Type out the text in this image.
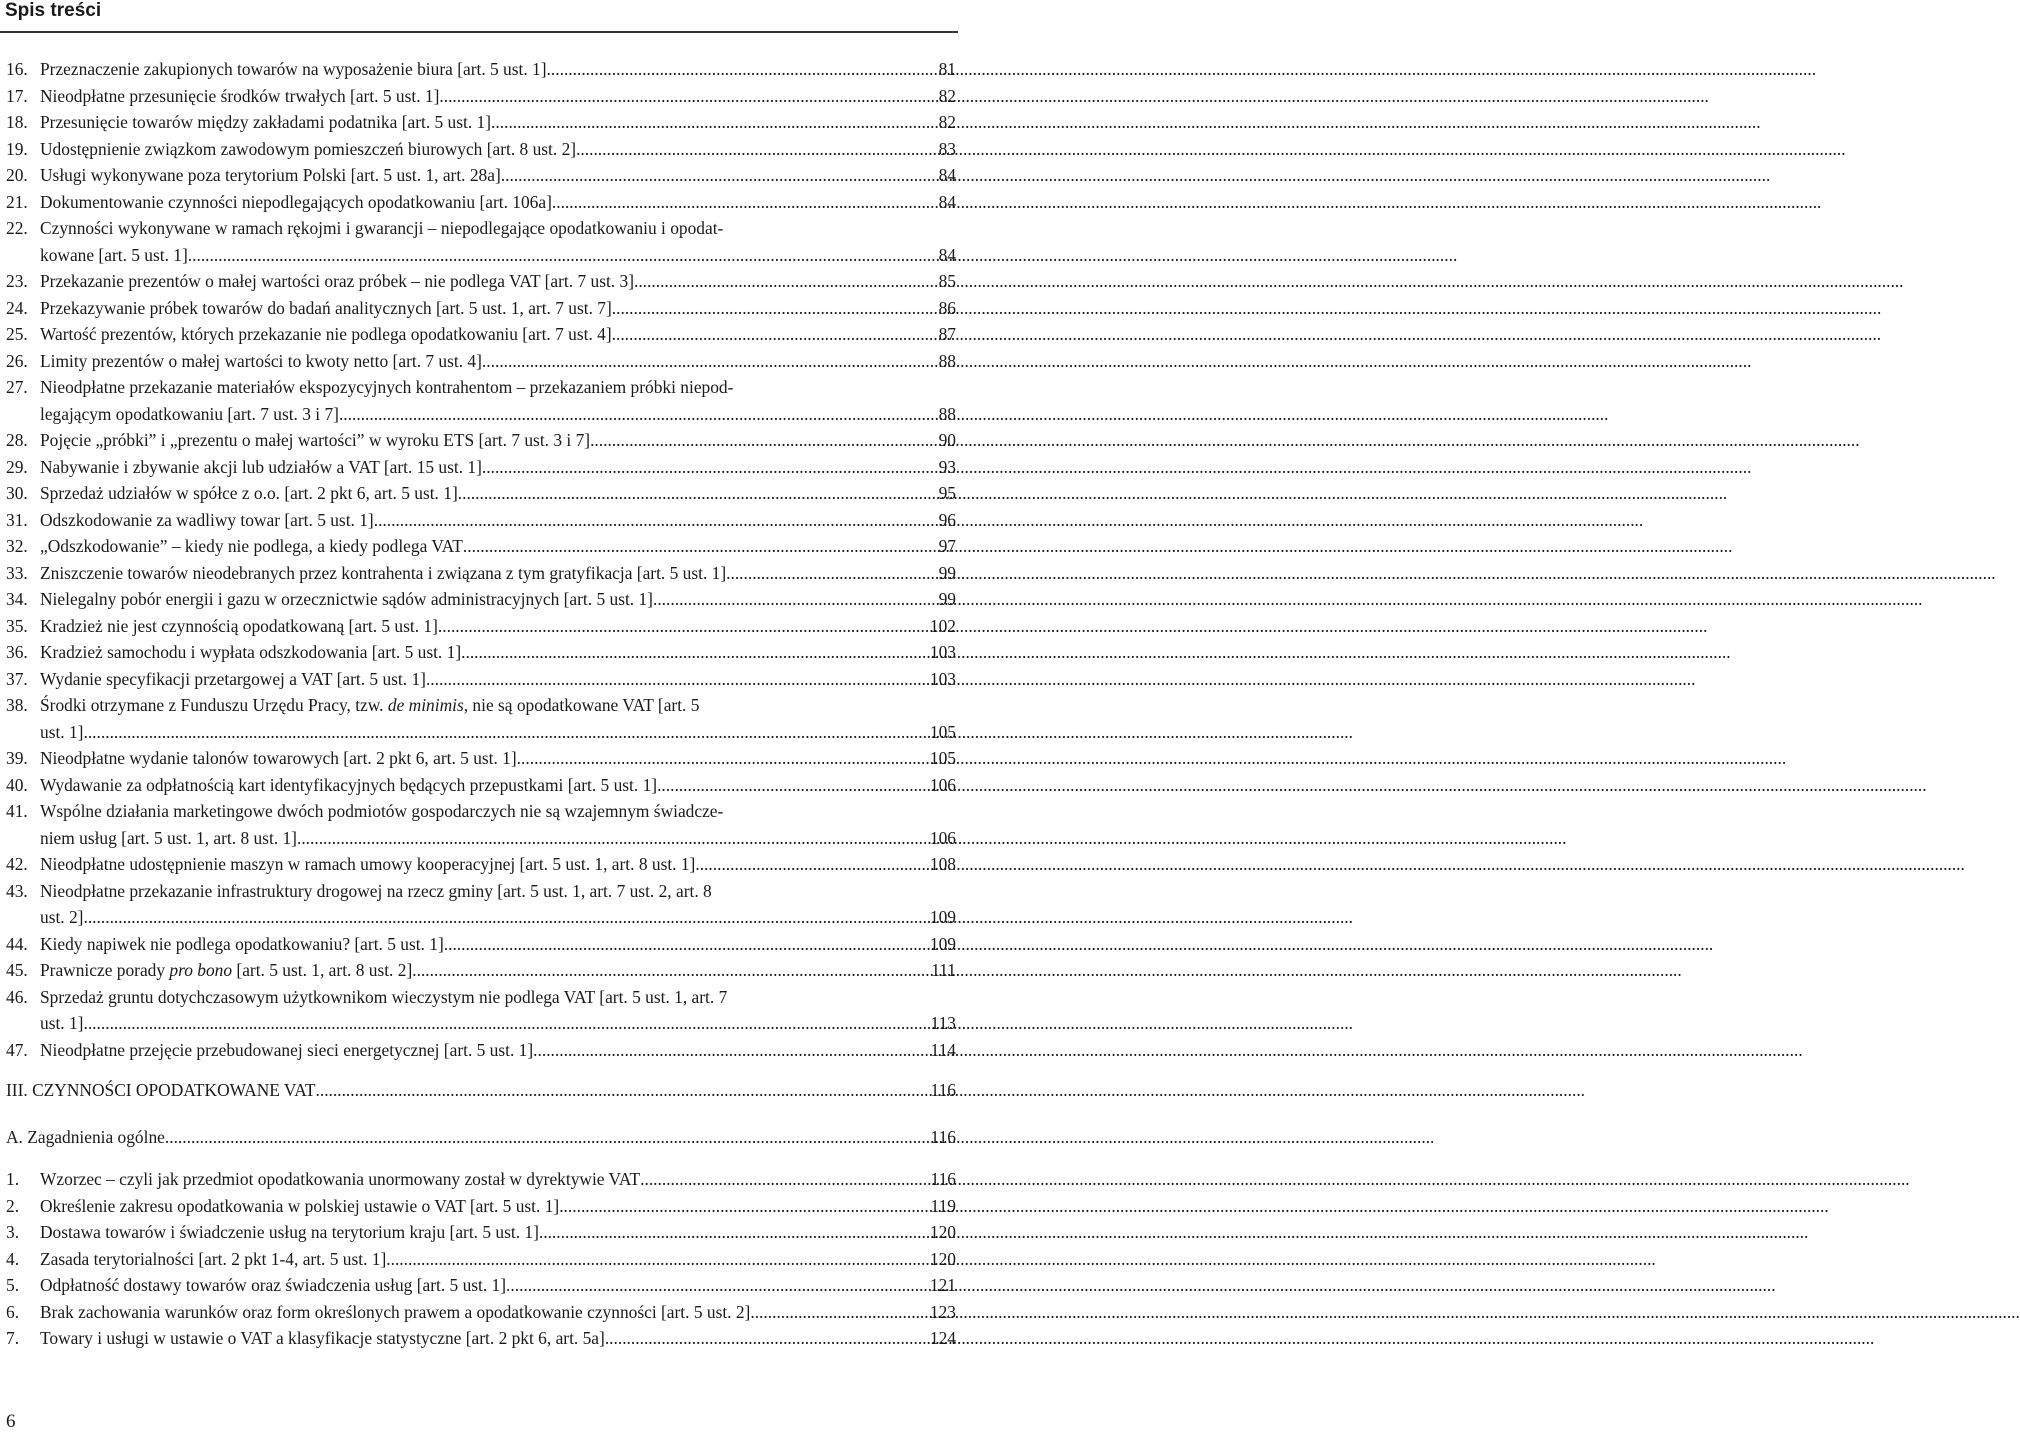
Spis treści
16. Przeznaczenie zakupionych towarów na wyposażenie biura [art. 5 ust. 1] .....	81
17. Nieodpłatne przesunięcie środków trwałych [art. 5 ust. 1] .....	82
18. Przesunięcie towarów między zakładami podatnika [art. 5 ust. 1] .....	82
19. Udostępnienie związkom zawodowym pomieszczeń biurowych [art. 8 ust. 2] .....	83
20. Usługi wykonywane poza terytorium Polski [art. 5 ust. 1, art. 28a] .....	84
21. Dokumentowanie czynności niepodlegających opodatkowaniu [art. 106a] .....	84
22. Czynności wykonywane w ramach rękojmi i gwarancji – niepodlegające opodatkowaniu i opodat-
kowane [art. 5 ust. 1] .....	84
23. Przekazanie prezentów o małej wartości oraz próbek – nie podlega VAT [art. 7 ust. 3] .....	85
24. Przekazywanie próbek towarów do badań analitycznych [art. 5 ust. 1, art. 7 ust. 7] .....	86
25. Wartość prezentów, których przekazanie nie podlega opodatkowaniu [art. 7 ust. 4] .....	87
26. Limity prezentów o małej wartości to kwoty netto [art. 7 ust. 4] .....	88
27. Nieodpłatne przekazanie materiałów ekspozycyjnych kontrahentom – przekazaniem próbki niepod-
legającym opodatkowaniu [art. 7 ust. 3 i 7] .....	88
28. Pojęcie „próbki” i „prezentu o małej wartości” w wyroku ETS [art. 7 ust. 3 i 7] .....	90
29. Nabywanie i zbywanie akcji lub udziałów a VAT [art. 15 ust. 1] .....	93
30. Sprzedaż udziałów w spółce z o.o. [art. 2 pkt 6, art. 5 ust. 1] .....	95
31. Odszkodowanie za wadliwy towar [art. 5 ust. 1] .....	96
32. „Odszkodowanie” – kiedy nie podlega, a kiedy podlega VAT .....	97
33. Zniszczenie towarów nieodebranych przez kontrahenta i związana z tym gratyfikacja [art. 5 ust. 1] .....	99
34. Nielegalny pobór energii i gazu w orzecznictwie sądów administracyjnych [art. 5 ust. 1] .....	99
35. Kradzież nie jest czynnością opodatkowaną [art. 5 ust. 1] .....	102
36. Kradzież samochodu i wypłata odszkodowania [art. 5 ust. 1] .....	103
37. Wydanie specyfikacji przetargowej a VAT [art. 5 ust. 1] .....	103
38. Środki otrzymane z Funduszu Urzędu Pracy, tzw. de minimis, nie są opodatkowane VAT [art. 5
ust. 1] .....	105
39. Nieodpłatne wydanie talonów towarowych [art. 2 pkt 6, art. 5 ust. 1] .....	105
40. Wydawanie za odpłatnością kart identyfikacyjnych będących przepustkami [art. 5 ust. 1] .....	106
41. Wspólne działania marketingowe dwóch podmiotów gospodarczych nie są wzajemnym świadcze-
niem usług [art. 5 ust. 1, art. 8 ust. 1] .....	106
42. Nieodpłatne udostępnienie maszyn w ramach umowy kooperacyjnej [art. 5 ust. 1, art. 8 ust. 1] .....	108
43. Nieodpłatne przekazanie infrastruktury drogowej na rzecz gminy [art. 5 ust. 1, art. 7 ust. 2, art. 8
ust. 2] .....	109
44. Kiedy napiwek nie podlega opodatkowaniu? [art. 5 ust. 1] .....	109
45. Prawnicze porady pro bono [art. 5 ust. 1, art. 8 ust. 2] .....	111
46. Sprzedaż gruntu dotychczasowym użytkownikom wieczystym nie podlega VAT [art. 5 ust. 1, art. 7
ust. 1] .....	113
47. Nieodpłatne przejęcie przebudowanej sieci energetycznej [art. 5 ust. 1] .....	114
III. CZYNNOŚCI OPODATKOWANE VAT .....	116
A. Zagadnienia ogólne .....	116
1. Wzorzec – czyli jak przedmiot opodatkowania unormowany został w dyrektywie VAT .....	116
2. Określenie zakresu opodatkowania w polskiej ustawie o VAT [art. 5 ust. 1] .....	119
3. Dostawa towarów i świadczenie usług na terytorium kraju [art. 5 ust. 1] .....	120
4. Zasada terytorialności [art. 2 pkt 1-4, art. 5 ust. 1] .....	120
5. Odpłatność dostawy towarów oraz świadczenia usług [art. 5 ust. 1] .....	121
6. Brak zachowania warunków oraz form określonych prawem a opodatkowanie czynności [art. 5 ust. 2] .....	123
7. Towary i usługi w ustawie o VAT a klasyfikacje statystyczne [art. 2 pkt 6, art. 5a] .....	124
6
